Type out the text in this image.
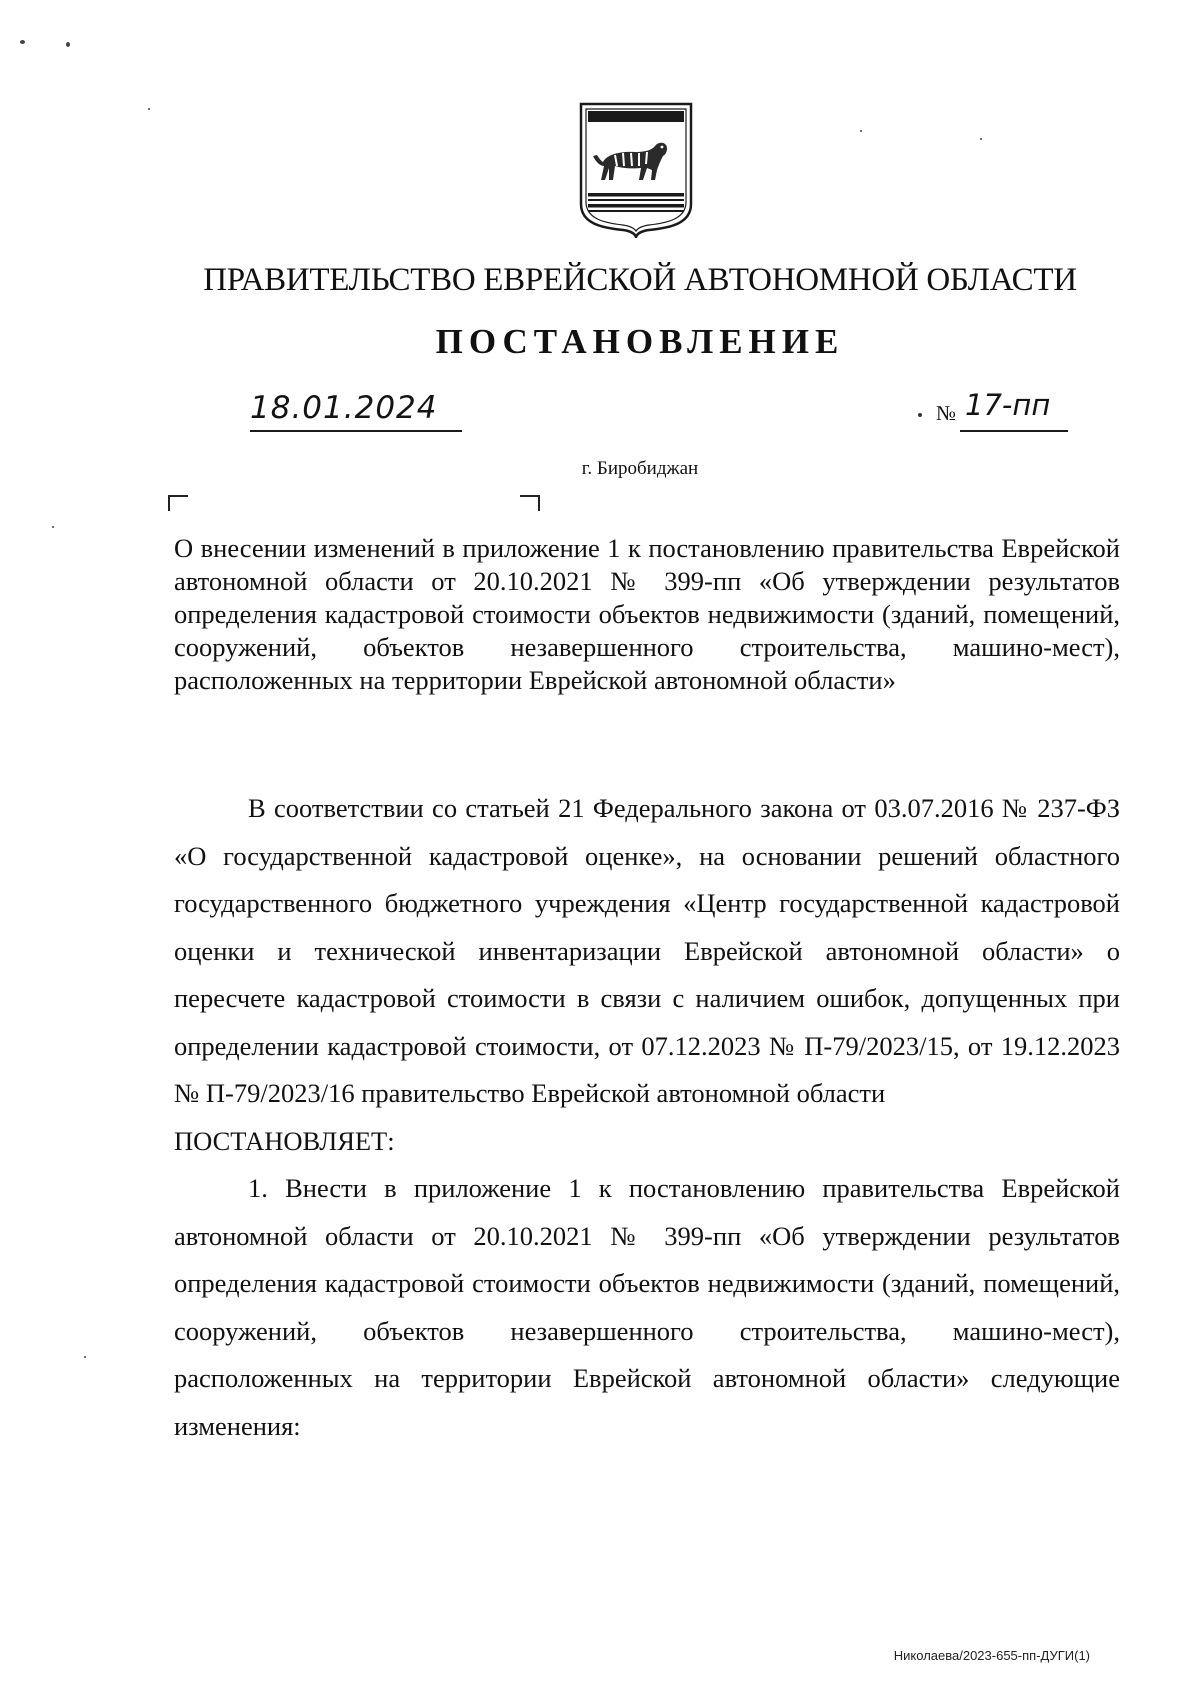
ПРАВИТЕЛЬСТВО ЕВРЕЙСКОЙ АВТОНОМНОЙ ОБЛАСТИ
ПОСТАНОВЛЕНИЕ
18.01.2024	№ 17-пп
г. Биробиджан
О внесении изменений в приложение 1 к постановлению правительства Еврейской автономной области от 20.10.2021 № 399-пп «Об утверждении результатов определения кадастровой стоимости объектов недвижимости (зданий, помещений, сооружений, объектов незавершенного строительства, машино-мест), расположенных на территории Еврейской автономной области»

В соответствии со статьей 21 Федерального закона от 03.07.2016 № 237-ФЗ «О государственной кадастровой оценке», на основании решений областного государственного бюджетного учреждения «Центр государственной кадастровой оценки и технической инвентаризации Еврейской автономной области» о пересчете кадастровой стоимости в связи с наличием ошибок, допущенных при определении кадастровой стоимости, от 07.12.2023 № П-79/2023/15, от 19.12.2023 № П-79/2023/16 правительство Еврейской автономной области

ПОСТАНОВЛЯЕТ:

1. Внести в приложение 1 к постановлению правительства Еврейской автономной области от 20.10.2021 № 399-пп «Об утверждении результатов определения кадастровой стоимости объектов недвижимости (зданий, помещений, сооружений, объектов незавершенного строительства, машино-мест), расположенных на территории Еврейской автономной области» следующие изменения:

Николаева/2023-655-пп-ДУГИ(1)
